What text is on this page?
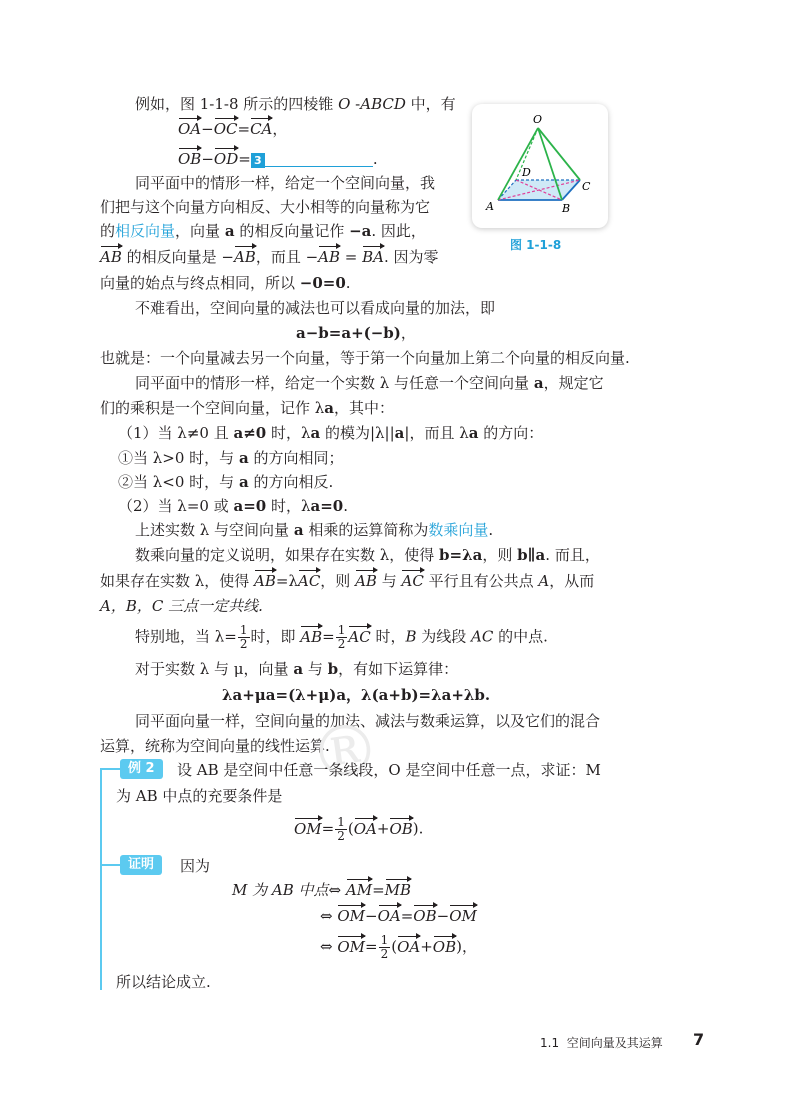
例如，图 1-1-8 所示的四棱锥 O -ABCD 中，有
OA−OC=CA，
OB−OD= 3	.
同平面中的情形一样，给定一个空间向量，我
们把与这个向量方向相反、大小相等的向量称为它
的相反向量，向量 a 的相反向量记作 −a. 因此，
AB 的相反向量是 −AB，而且 −AB = BA. 因为零
向量的始点与终点相同，所以 −0=0.
O
A	B
C
D
图 1-1-8
不难看出，空间向量的减法也可以看成向量的加法，即
a−b=a+(−b)，
也就是：一个向量减去另一个向量，等于第一个向量加上第二个向量的相反向量.
同平面中的情形一样，给定一个实数 λ 与任意一个空间向量 a，规定它
们的乘积是一个空间向量，记作 λa，其中：
（1）当 λ≠0 且 a≠0 时，λa 的模为|λ||a|，而且 λa 的方向：
①当 λ>0 时，与 a 的方向相同；
②当 λ<0 时，与 a 的方向相反.
（2）当 λ=0 或 a=0 时，λa=0.
上述实数 λ 与空间向量 a 相乘的运算简称为数乘向量.
数乘向量的定义说明，如果存在实数 λ，使得 b=λa，则 b∥a. 而且，
如果存在实数 λ，使得 AB=λAC，则 AB 与 AC 平行且有公共点 A，从而
A，B，C 三点一定共线.
特别地，当 $\lambda= \frac{1}{2}$ 时，即 $AB= \frac{1}{2}$ AC 时，B 为线段 AC 的中点.
对于实数 λ 与 μ，向量 a 与 b，有如下运算律：
λa+μa=(λ+μ)a，λ(a+b)=λa+λb.
同平面向量一样，空间向量的加法、减法与数乘运算，以及它们的混合
运算，统称为空间向量的线性运算.
®
例 2	设 AB 是空间中任意一条线段，O 是空间中任意一点，求证：M
为 AB 中点的充要条件是
$OM= \frac{1}{2} (OA+OB)$.
证明	因为
M 为 AB 中点⇔ AM=MB
⇔ OM−OA=OB−OM
⇔ $OM= \frac{1}{2} (OA+OB)$，
所以结论成立.
1.1 空间向量及其运算 7
